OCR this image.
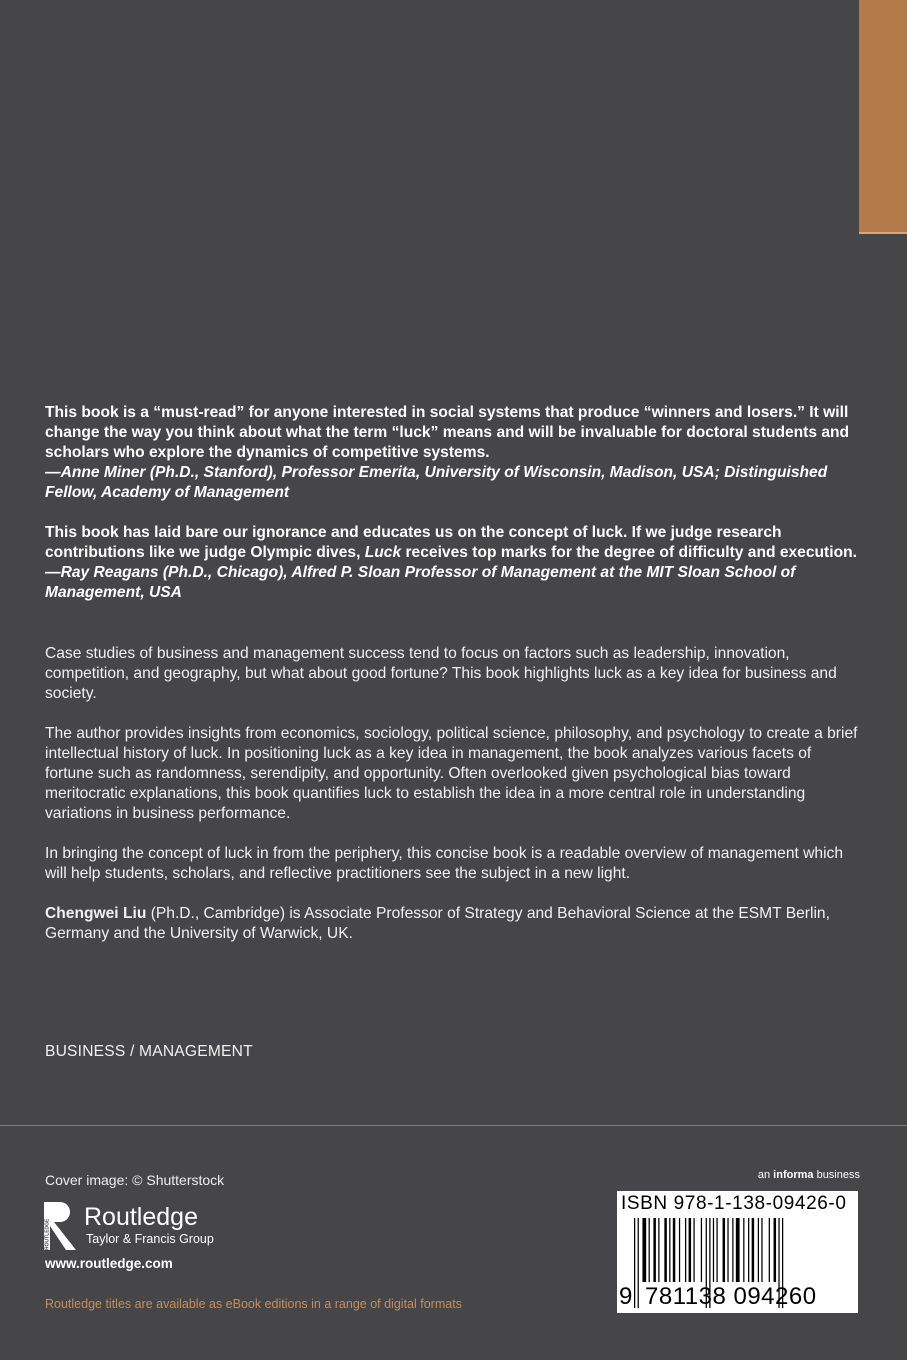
This book is a “must-read” for anyone interested in social systems that produce “winners and losers.” It will change the way you think about what the term “luck” means and will be invaluable for doctoral students and scholars who explore the dynamics of competitive systems.
—Anne Miner (Ph.D., Stanford), Professor Emerita, University of Wisconsin, Madison, USA; Distinguished Fellow, Academy of Management

This book has laid bare our ignorance and educates us on the concept of luck. If we judge research contributions like we judge Olympic dives, Luck receives top marks for the degree of difficulty and execution.
—Ray Reagans (Ph.D., Chicago), Alfred P. Sloan Professor of Management at the MIT Sloan School of Management, USA

Case studies of business and management success tend to focus on factors such as leadership, innovation, competition, and geography, but what about good fortune? This book highlights luck as a key idea for business and society.

The author provides insights from economics, sociology, political science, philosophy, and psychology to create a brief intellectual history of luck. In positioning luck as a key idea in management, the book analyzes various facets of fortune such as randomness, serendipity, and opportunity. Often overlooked given psychological bias toward meritocratic explanations, this book quantifies luck to establish the idea in a more central role in understanding variations in business performance.

In bringing the concept of luck in from the periphery, this concise book is a readable overview of management which will help students, scholars, and reflective practitioners see the subject in a new light.

Chengwei Liu (Ph.D., Cambridge) is Associate Professor of Strategy and Behavioral Science at the ESMT Berlin, Germany and the University of Warwick, UK.

BUSINESS / MANAGEMENT
Cover image: © Shutterstock
ROUTLEDGE
Routledge
Taylor & Francis Group
www.routledge.com
Routledge titles are available as eBook editions in a range of digital formats
an informa business
ISBN 978-1-138-09426-0
9 781138 094260
